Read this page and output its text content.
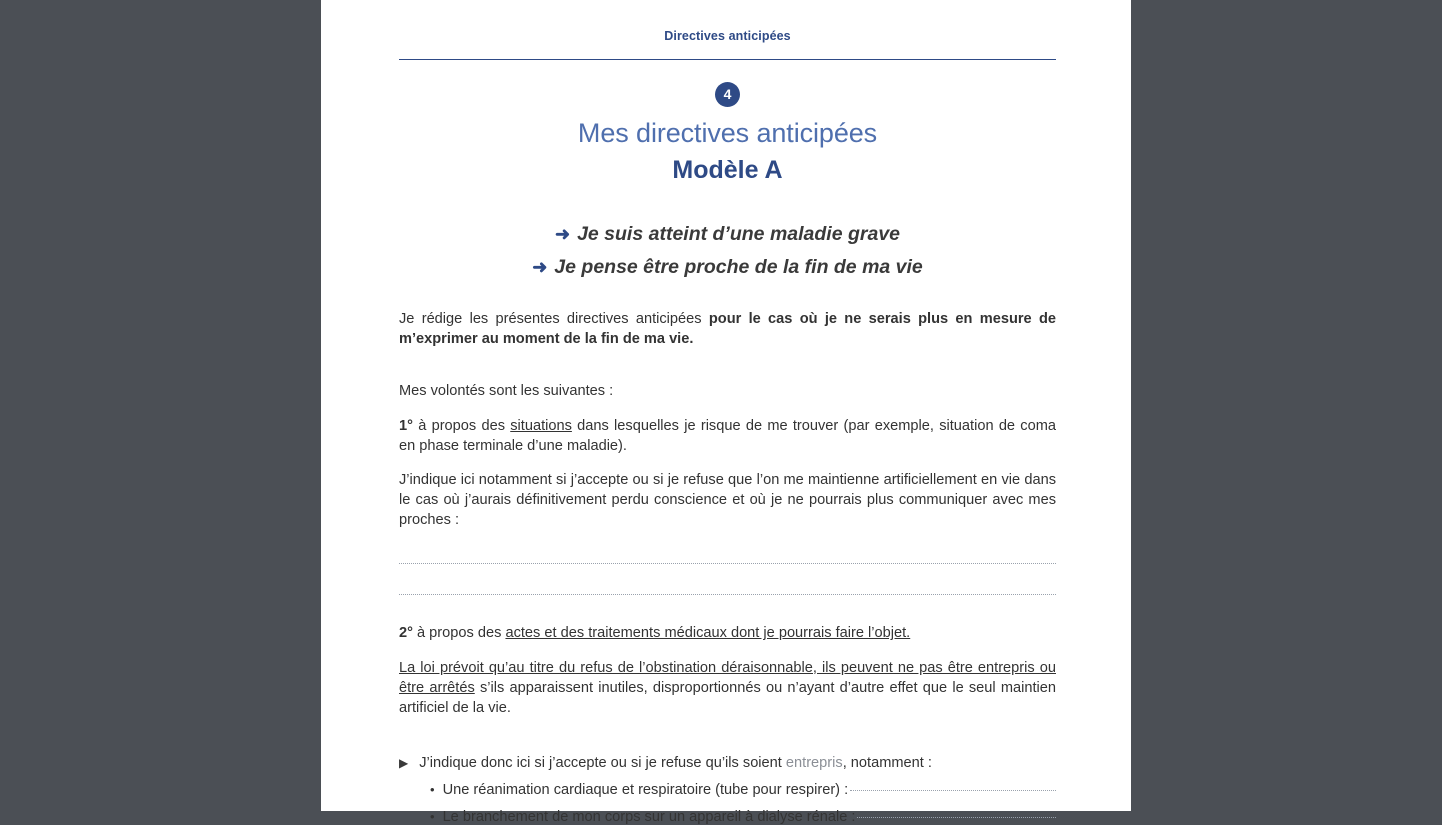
Directives anticipées
4
Mes directives anticipées
Modèle A
➜ Je suis atteint d’une maladie grave
➜ Je pense être proche de la fin de ma vie

Je rédige les présentes directives anticipées pour le cas où je ne serais plus en mesure de m’exprimer au moment de la fin de ma vie.

Mes volontés sont les suivantes :

1° à propos des situations dans lesquelles je risque de me trouver (par exemple, situation de coma en phase terminale d’une maladie).

J’indique ici notamment si j’accepte ou si je refuse que l’on me maintienne artificiellement en vie dans le cas où j’aurais définitivement perdu conscience et où je ne pourrais plus communiquer avec mes proches :

2° à propos des actes et des traitements médicaux dont je pourrais faire l’objet.

La loi prévoit qu’au titre du refus de l’obstination déraisonnable, ils peuvent ne pas être entrepris ou être arrêtés s’ils apparaissent inutiles, disproportionnés ou n’ayant d’autre effet que le seul maintien artificiel de la vie.

▶ J’indique donc ici si j’accepte ou si je refuse qu’ils soient entrepris, notamment :
• Une réanimation cardiaque et respiratoire (tube pour respirer) :
• Le branchement de mon corps sur un appareil à dialyse rénale :
